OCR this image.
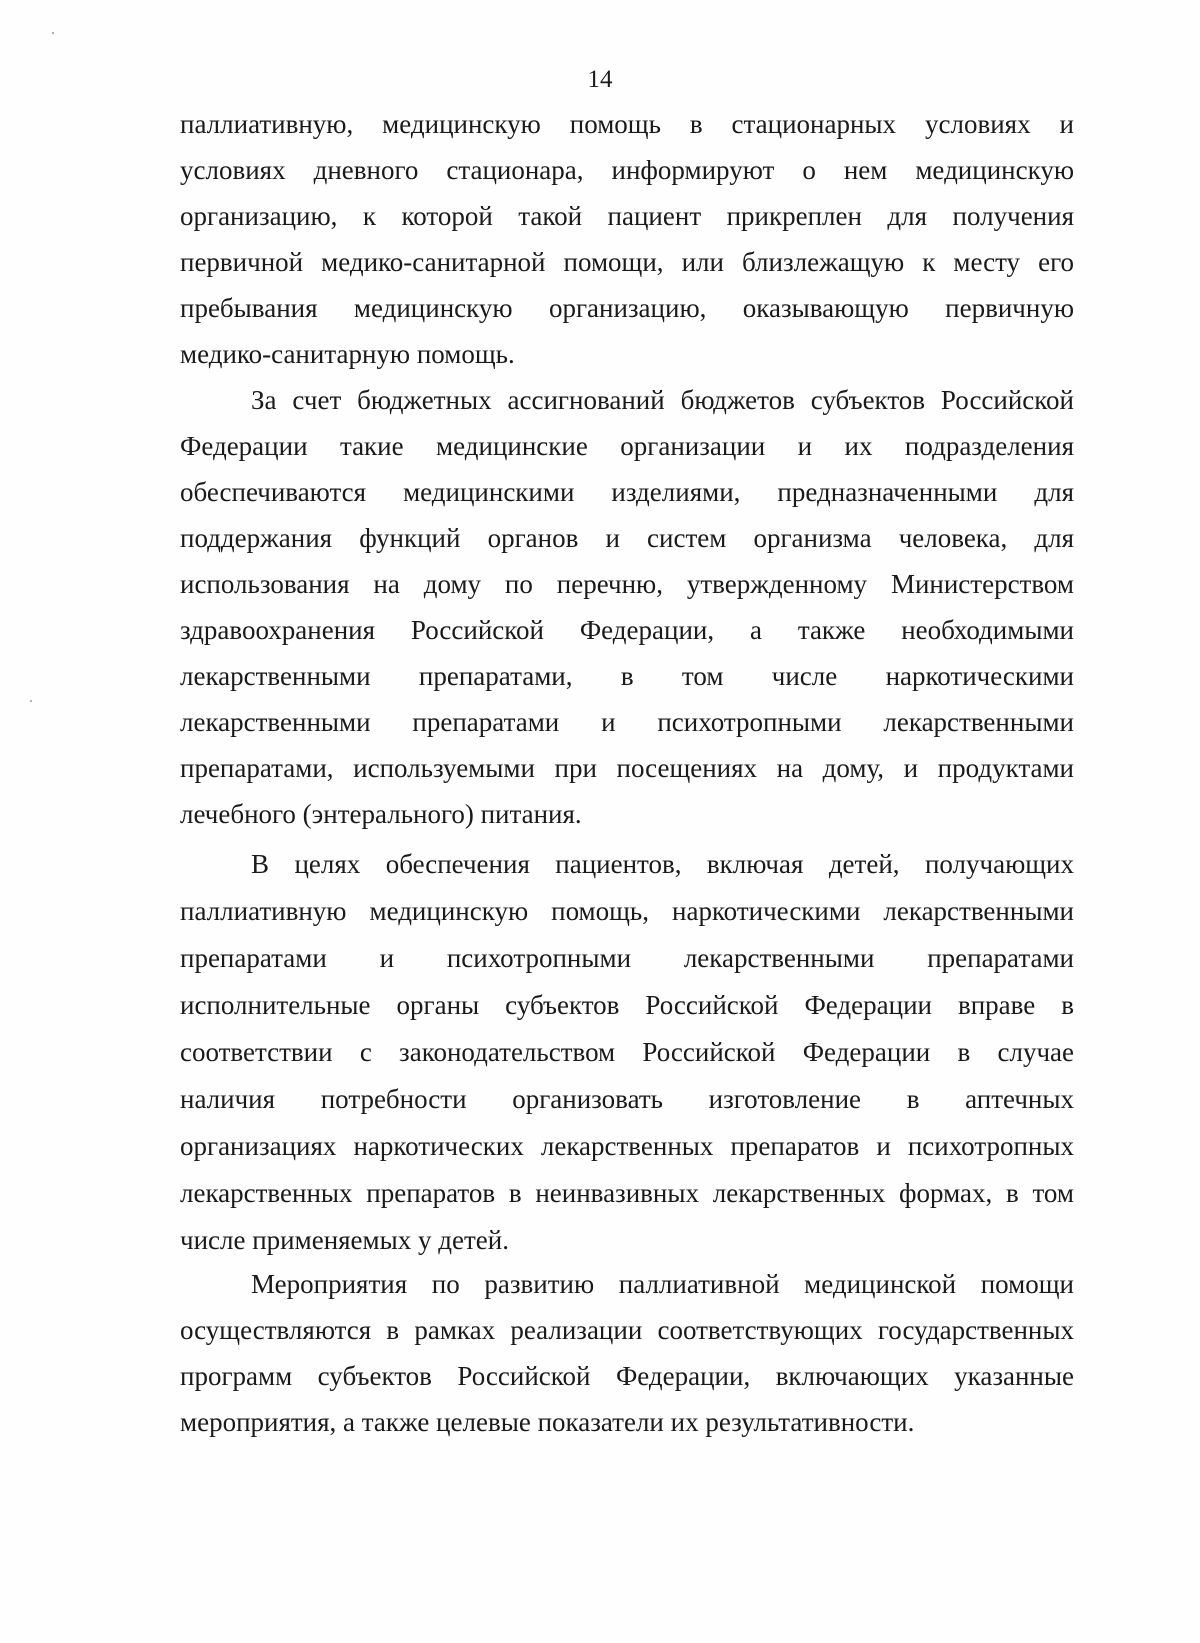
14
паллиативную, медицинскую помощь в стационарных условиях и
условиях дневного стационара, информируют о нем медицинскую
организацию, к которой такой пациент прикреплен для получения
первичной медико-санитарной помощи, или близлежащую к месту его
пребывания медицинскую организацию, оказывающую первичную
медико-санитарную помощь.
За счет бюджетных ассигнований бюджетов субъектов Российской
Федерации такие медицинские организации и их подразделения
обеспечиваются медицинскими изделиями, предназначенными для
поддержания функций органов и систем организма человека, для
использования на дому по перечню, утвержденному Министерством
здравоохранения Российской Федерации, а также необходимыми
лекарственными препаратами, в том числе наркотическими
лекарственными препаратами и психотропными лекарственными
препаратами, используемыми при посещениях на дому, и продуктами
лечебного (энтерального) питания.
В целях обеспечения пациентов, включая детей, получающих
паллиативную медицинскую помощь, наркотическими лекарственными
препаратами и психотропными лекарственными препаратами
исполнительные органы субъектов Российской Федерации вправе в
соответствии с законодательством Российской Федерации в случае
наличия потребности организовать изготовление в аптечных
организациях наркотических лекарственных препаратов и психотропных
лекарственных препаратов в неинвазивных лекарственных формах, в том
числе применяемых у детей.
Мероприятия по развитию паллиативной медицинской помощи
осуществляются в рамках реализации соответствующих государственных
программ субъектов Российской Федерации, включающих указанные
мероприятия, а также целевые показатели их результативности.
